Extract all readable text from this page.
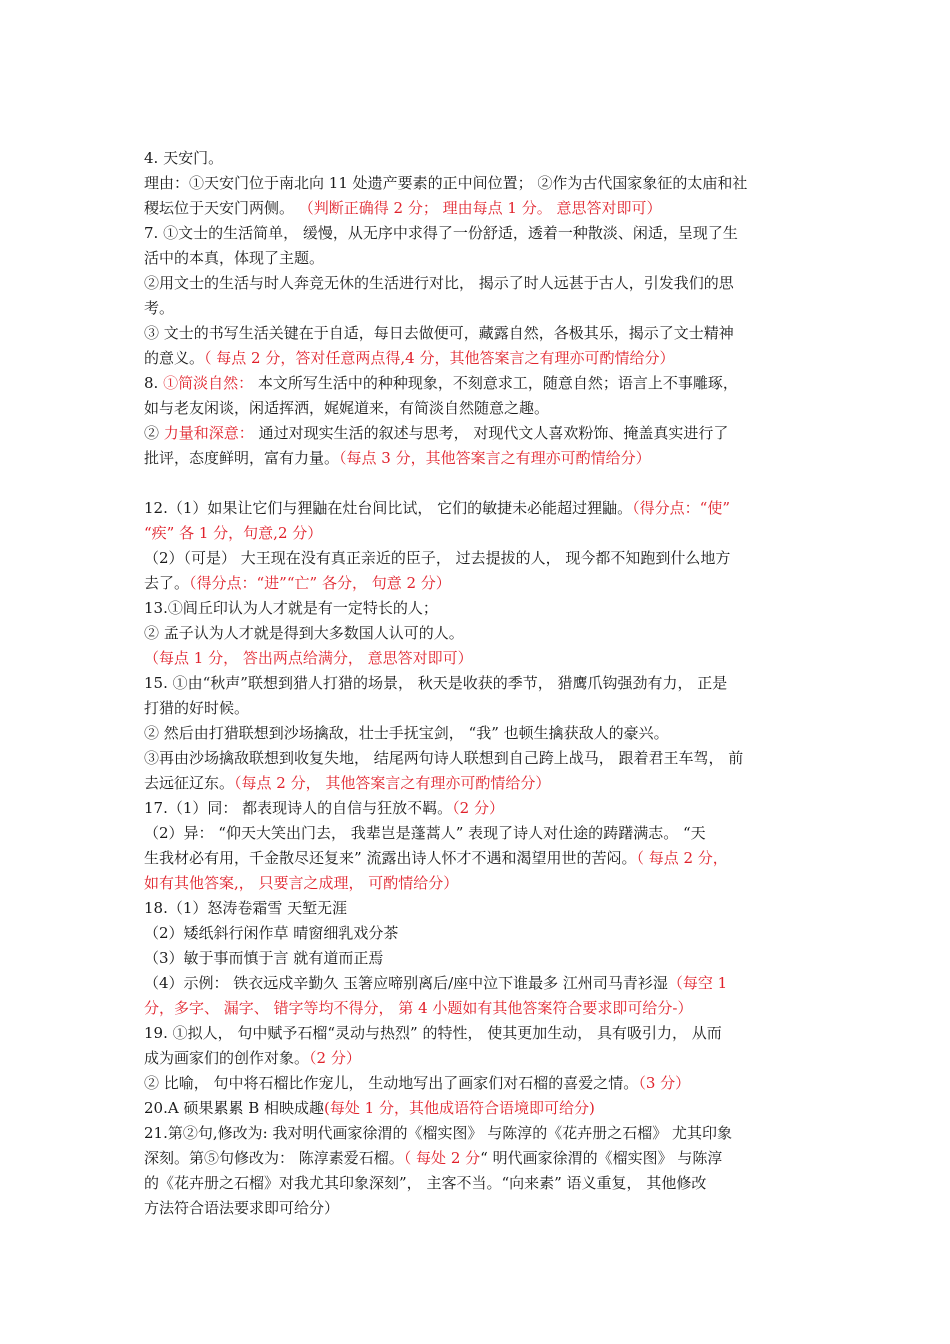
4. 天安门。
理由：①天安门位于南北向 11 处遗产要素的正中间位置； ②作为古代国家象征的太庙和社
稷坛位于天安门两侧。 （判断正确得 2 分； 理由每点 1 分。 意思答对即可）
7. ①文士的生活简单， 缓慢，从无序中求得了一份舒适，透着一种散淡、闲适，呈现了生
活中的本真，体现了主题。
②用文士的生活与时人奔竞无休的生活进行对比， 揭示了时人远甚于古人，引发我们的思
考。
③ 文士的书写生活关键在于自适，每日去做便可，藏露自然，各极其乐，揭示了文士精神
的意义。（ 每点 2 分，答对任意两点得,4 分，其他答案言之有理亦可酌情给分）
8. ①简淡自然： 本文所写生活中的种种现象，不刻意求工，随意自然；语言上不事雕琢，
如与老友闲谈，闲适挥洒，娓娓道来，有简淡自然随意之趣。
② 力量和深意： 通过对现实生活的叙述与思考， 对现代文人喜欢粉饰、掩盖真实进行了
批评，态度鲜明，富有力量。（每点 3 分，其他答案言之有理亦可酌情给分）
12.（1）如果让它们与狸鼬在灶台间比试， 它们的敏捷未必能超过狸鼬。（得分点：“使”
“疾” 各 1 分，句意,2 分）
（2）（可是） 大王现在没有真正亲近的臣子， 过去提拔的人， 现今都不知跑到什么地方
去了。（得分点：“进”“亡” 各分， 句意 2 分）
13.①闾丘印认为人才就是有一定特长的人；
② 孟子认为人才就是得到大多数国人认可的人。
（每点 1 分， 答出两点给满分， 意思答对即可）
15. ①由“秋声”联想到猎人打猎的场景， 秋天是收获的季节， 猎鹰爪钩强劲有力， 正是
打猎的好时候。
② 然后由打猎联想到沙场擒敌，壮士手抚宝剑， “我” 也顿生擒获敌人的豪兴。
③再由沙场擒敌联想到收复失地， 结尾两句诗人联想到自己跨上战马， 跟着君王车驾， 前
去远征辽东。（每点 2 分， 其他答案言之有理亦可酌情给分）
17.（1）同： 都表现诗人的自信与狂放不羁。（2 分）
（2）异： “仰天大笑出门去， 我辈岂是蓬蒿人” 表现了诗人对仕途的踌躇满志。 “天
生我材必有用，千金散尽还复来” 流露出诗人怀才不遇和渴望用世的苦闷。（ 每点 2 分，
如有其他答案,， 只要言之成理， 可酌情给分）
18.（1）怒涛卷霜雪 天堑无涯
（2）矮纸斜行闲作草 晴窗细乳戏分茶
（3）敏于事而慎于言 就有道而正焉
（4）示例： 铁衣远戍辛勤久 玉箸应啼别离后/座中泣下谁最多 江州司马青衫湿（每空 1
分，多字、 漏字、 错字等均不得分， 第 4 小题如有其他答案符合要求即可给分-）
19. ①拟人， 句中赋予石榴“灵动与热烈” 的特性， 使其更加生动， 具有吸引力， 从而
成为画家们的创作对象。（2 分）
② 比喻， 句中将石榴比作宠儿， 生动地写出了画家们对石榴的喜爱之情。（3 分）
20.A 硕果累累 B 相映成趣(每处 1 分，其他成语符合语境即可给分)
21.第②句,修改为: 我对明代画家徐渭的《榴实图》 与陈淳的《花卉册之石榴》 尤其印象
深刻。第⑤句修改为： 陈淳素爱石榴。（ 每处 2 分“ 明代画家徐渭的《榴实图》 与陈淳
的《花卉册之石榴》对我尤其印象深刻”， 主客不当。“向来素” 语义重复， 其他修改
方法符合语法要求即可给分）
